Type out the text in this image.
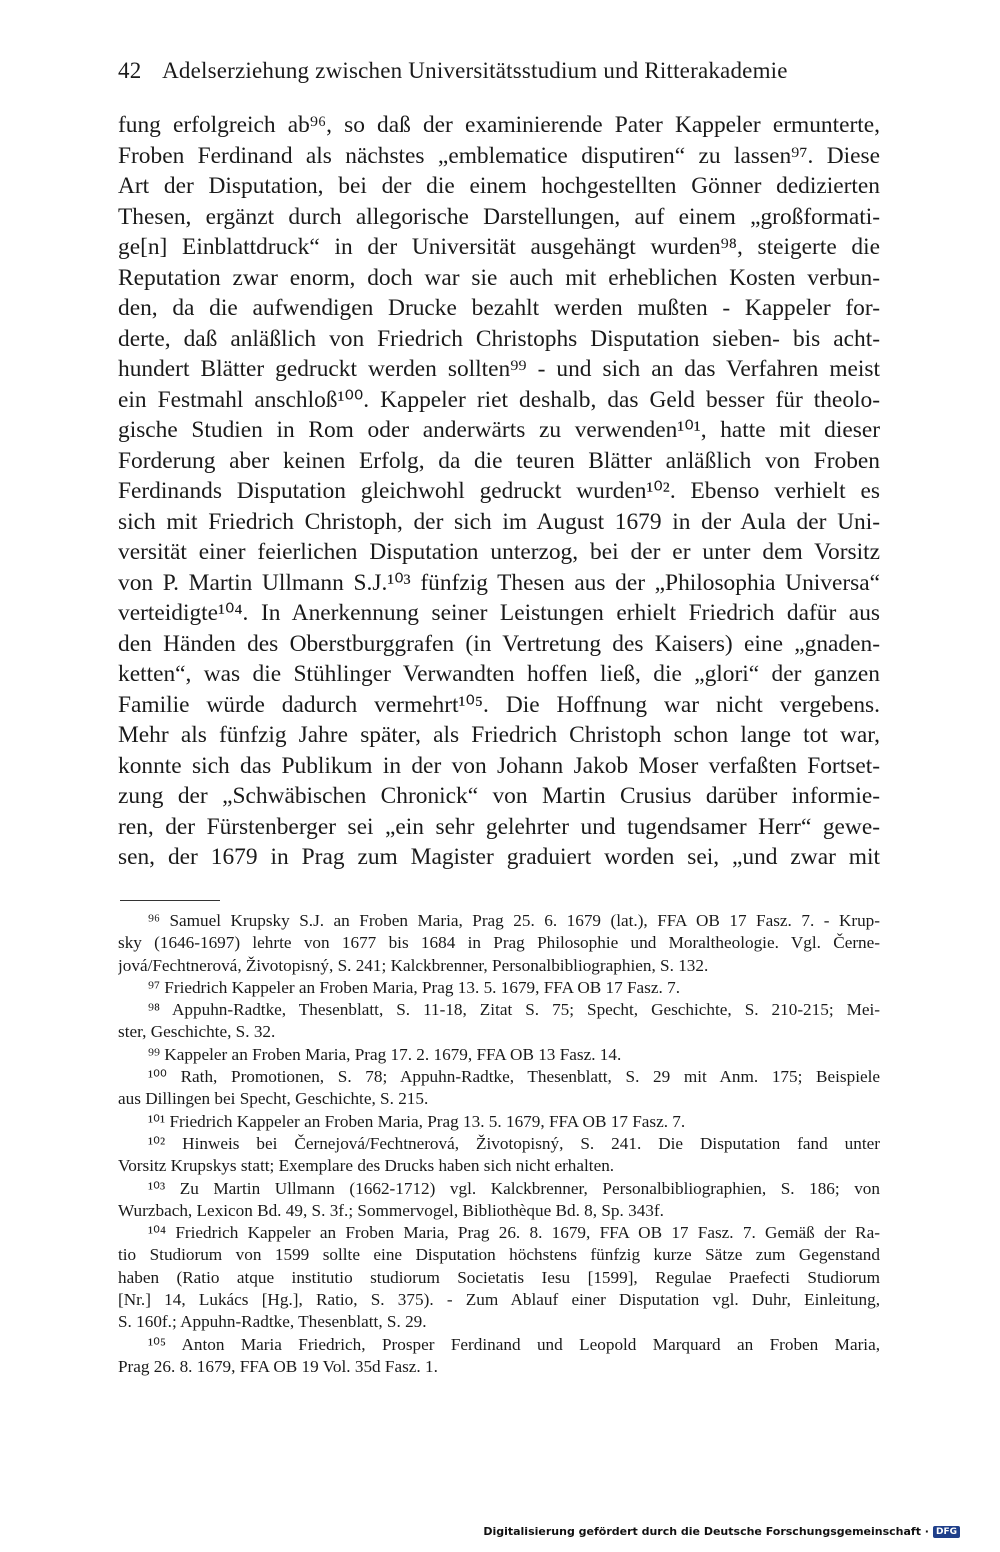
42 Adelserziehung zwischen Universitätsstudium und Ritterakademie
fung erfolgreich ab⁹⁶, so daß der examinierende Pater Kappeler ermunterte,
Froben Ferdinand als nächstes „emblematice disputiren“ zu lassen⁹⁷. Diese
Art der Disputation, bei der die einem hochgestellten Gönner dedizierten
Thesen, ergänzt durch allegorische Darstellungen, auf einem „großformati-
ge[n] Einblattdruck“ in der Universität ausgehängt wurden⁹⁸, steigerte die
Reputation zwar enorm, doch war sie auch mit erheblichen Kosten verbun-
den, da die aufwendigen Drucke bezahlt werden mußten - Kappeler for-
derte, daß anläßlich von Friedrich Christophs Disputation sieben- bis acht-
hundert Blätter gedruckt werden sollten⁹⁹ - und sich an das Verfahren meist
ein Festmahl anschloß¹⁰⁰. Kappeler riet deshalb, das Geld besser für theolo-
gische Studien in Rom oder anderwärts zu verwenden¹⁰¹, hatte mit dieser
Forderung aber keinen Erfolg, da die teuren Blätter anläßlich von Froben
Ferdinands Disputation gleichwohl gedruckt wurden¹⁰². Ebenso verhielt es
sich mit Friedrich Christoph, der sich im August 1679 in der Aula der Uni-
versität einer feierlichen Disputation unterzog, bei der er unter dem Vorsitz
von P. Martin Ullmann S.J.¹⁰³ fünfzig Thesen aus der „Philosophia Universa“
verteidigte¹⁰⁴. In Anerkennung seiner Leistungen erhielt Friedrich dafür aus
den Händen des Oberstburggrafen (in Vertretung des Kaisers) eine „gnaden-
ketten“, was die Stühlinger Verwandten hoffen ließ, die „glori“ der ganzen
Familie würde dadurch vermehrt¹⁰⁵. Die Hoffnung war nicht vergebens.
Mehr als fünfzig Jahre später, als Friedrich Christoph schon lange tot war,
konnte sich das Publikum in der von Johann Jakob Moser verfaßten Fortset-
zung der „Schwäbischen Chronick“ von Martin Crusius darüber informie-
ren, der Fürstenberger sei „ein sehr gelehrter und tugendsamer Herr“ gewe-
sen, der 1679 in Prag zum Magister graduiert worden sei, „und zwar mit
⁹⁶ Samuel Krupsky S.J. an Froben Maria, Prag 25. 6. 1679 (lat.), FFA OB 17 Fasz. 7. - Krup-
sky (1646-1697) lehrte von 1677 bis 1684 in Prag Philosophie und Moraltheologie. Vgl. Černe-
jová/Fechtnerová, Životopisný, S. 241; Kalckbrenner, Personalbibliographien, S. 132.
⁹⁷ Friedrich Kappeler an Froben Maria, Prag 13. 5. 1679, FFA OB 17 Fasz. 7.
⁹⁸ Appuhn-Radtke, Thesenblatt, S. 11-18, Zitat S. 75; Specht, Geschichte, S. 210-215; Mei-
ster, Geschichte, S. 32.
⁹⁹ Kappeler an Froben Maria, Prag 17. 2. 1679, FFA OB 13 Fasz. 14.
¹⁰⁰ Rath, Promotionen, S. 78; Appuhn-Radtke, Thesenblatt, S. 29 mit Anm. 175; Beispiele
aus Dillingen bei Specht, Geschichte, S. 215.
¹⁰¹ Friedrich Kappeler an Froben Maria, Prag 13. 5. 1679, FFA OB 17 Fasz. 7.
¹⁰² Hinweis bei Černejová/Fechtnerová, Životopisný, S. 241. Die Disputation fand unter
Vorsitz Krupskys statt; Exemplare des Drucks haben sich nicht erhalten.
¹⁰³ Zu Martin Ullmann (1662-1712) vgl. Kalckbrenner, Personalbibliographien, S. 186; von
Wurzbach, Lexicon Bd. 49, S. 3f.; Sommervogel, Bibliothèque Bd. 8, Sp. 343f.
¹⁰⁴ Friedrich Kappeler an Froben Maria, Prag 26. 8. 1679, FFA OB 17 Fasz. 7. Gemäß der Ra-
tio Studiorum von 1599 sollte eine Disputation höchstens fünfzig kurze Sätze zum Gegenstand
haben (Ratio atque institutio studiorum Societatis Iesu [1599], Regulae Praefecti Studiorum
[Nr.] 14, Lukács [Hg.], Ratio, S. 375). - Zum Ablauf einer Disputation vgl. Duhr, Einleitung,
S. 160f.; Appuhn-Radtke, Thesenblatt, S. 29.
¹⁰⁵ Anton Maria Friedrich, Prosper Ferdinand und Leopold Marquard an Froben Maria,
Prag 26. 8. 1679, FFA OB 19 Vol. 35d Fasz. 1.
Digitalisierung gefördert durch die Deutsche Forschungsgemeinschaft · DFG
